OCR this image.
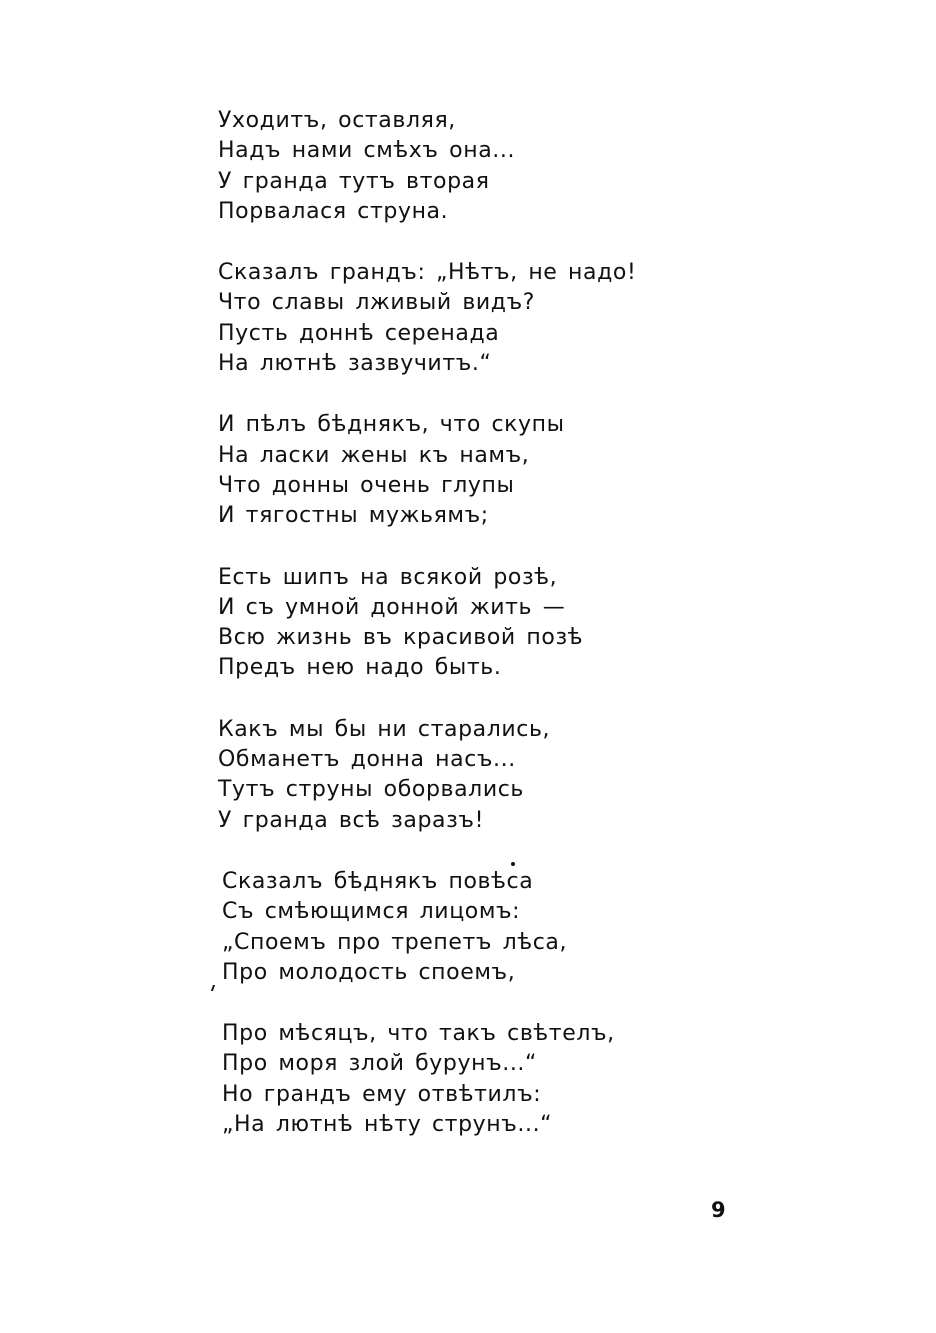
Уходитъ, оставляя,
Надъ нами смѣхъ она...
У гранда тутъ вторая
Порвалася струна.
Сказалъ грандъ: „Нѣтъ, не надо!
Что славы лживый видъ?
Пусть доннѣ серенада
На лютнѣ зазвучитъ.“
И пѣлъ бѣднякъ, что скупы
На ласки жены къ намъ,
Что донны очень глупы
И тягостны мужьямъ;
Есть шипъ на всякой розѣ,
И съ умной донной жить —
Всю жизнь въ красивой позѣ
Предъ нею надо быть.
Какъ мы бы ни старались,
Обманетъ донна насъ...
Тутъ струны оборвались
У гранда всѣ заразъ!
Сказалъ бѣднякъ повѣса
Съ смѣющимся лицомъ:
„Споемъ про трепетъ лѣса,
Про молодость споемъ,
Про мѣсяцъ, что такъ свѣтелъ,
Про моря злой бурунъ...“
Но грандъ ему отвѣтилъ:
„На лютнѣ нѣту струнъ...“
9
